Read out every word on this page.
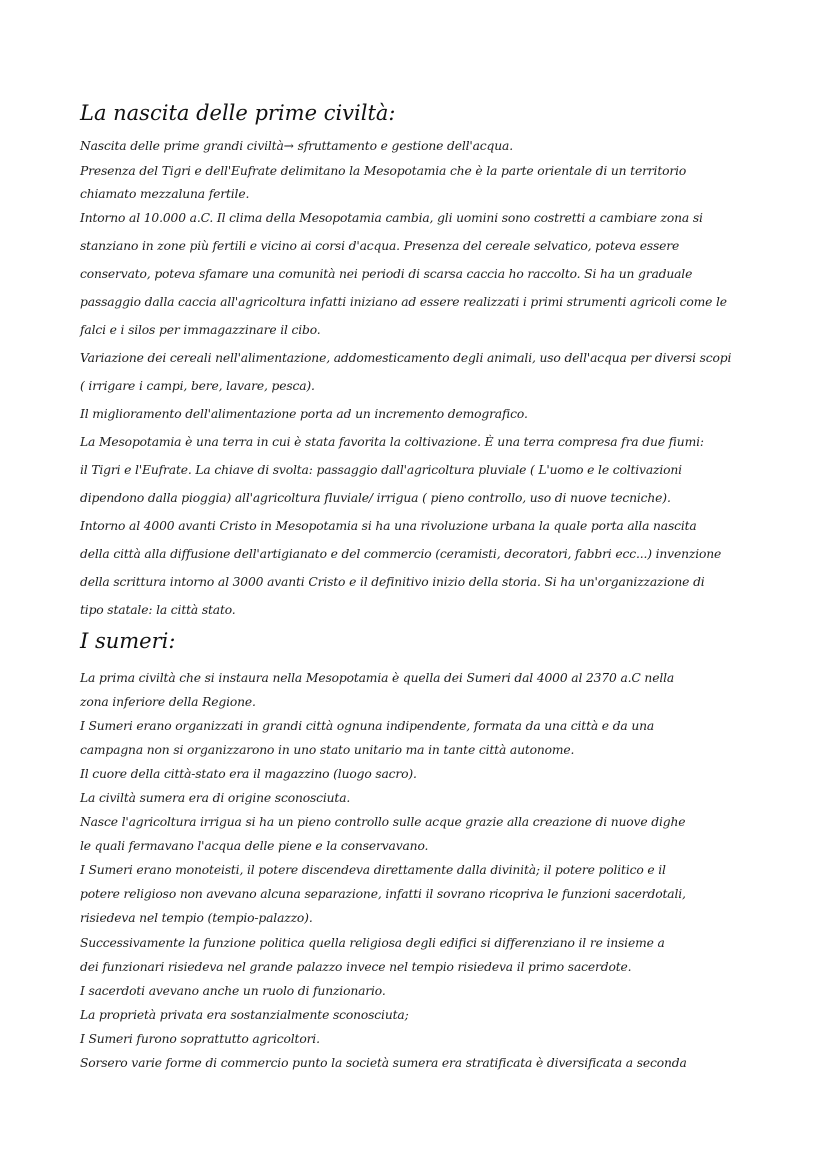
La nascita delle prime civiltà:

Nascita delle prime grandi civiltà→ sfruttamento e gestione dell'acqua.

Presenza del Tigri e dell'Eufrate delimitano la Mesopotamia che è la parte orientale di un territorio

chiamato mezzaluna fertile.

Intorno al 10.000 a.C. Il clima della Mesopotamia cambia, gli uomini sono costretti a cambiare zona si

stanziano in zone più fertili e vicino ai corsi d'acqua. Presenza del cereale selvatico, poteva essere

conservato, poteva sfamare una comunità nei periodi di scarsa caccia ho raccolto. Si ha un graduale

passaggio dalla caccia all'agricoltura infatti iniziano ad essere realizzati i primi strumenti agricoli come le

falci e i silos per immagazzinare il cibo.

Variazione dei cereali nell'alimentazione, addomesticamento degli animali, uso dell'acqua per diversi scopi

( irrigare i campi, bere, lavare, pesca).

Il miglioramento dell'alimentazione porta ad un incremento demografico.

La Mesopotamia è una terra in cui è stata favorita la coltivazione. È una terra compresa fra due fiumi:

il Tigri e l'Eufrate. La chiave di svolta: passaggio dall'agricoltura pluviale ( L'uomo e le coltivazioni

dipendono dalla pioggia) all'agricoltura fluviale/ irrigua ( pieno controllo, uso di nuove tecniche).

Intorno al 4000 avanti Cristo in Mesopotamia si ha una rivoluzione urbana la quale porta alla nascita

della città alla diffusione dell'artigianato e del commercio (ceramisti, decoratori, fabbri ecc...) invenzione

della scrittura intorno al 3000 avanti Cristo e il definitivo inizio della storia. Si ha un'organizzazione di

tipo statale: la città stato.

I sumeri:

La prima civiltà che si instaura nella Mesopotamia è quella dei Sumeri dal 4000 al 2370 a.C nella

zona inferiore della Regione.

I Sumeri erano organizzati in grandi città ognuna indipendente, formata da una città e da una

campagna non si organizzarono in uno stato unitario ma in tante città autonome.

Il cuore della città-stato era il magazzino (luogo sacro).

La civiltà sumera era di origine sconosciuta.

Nasce l'agricoltura irrigua si ha un pieno controllo sulle acque grazie alla creazione di nuove dighe

le quali fermavano l'acqua delle piene e la conservavano.

I Sumeri erano monoteisti, il potere discendeva direttamente dalla divinità; il potere politico e il

potere religioso non avevano alcuna separazione, infatti il sovrano ricopriva le funzioni sacerdotali,

risiedeva nel tempio (tempio-palazzo).

Successivamente la funzione politica quella religiosa degli edifici si differenziano il re insieme a

dei funzionari risiedeva nel grande palazzo invece nel tempio risiedeva il primo sacerdote.

I sacerdoti avevano anche un ruolo di funzionario.

La proprietà privata era sostanzialmente sconosciuta;

I Sumeri furono soprattutto agricoltori.

Sorsero varie forme di commercio punto la società sumera era stratificata è diversificata a seconda
